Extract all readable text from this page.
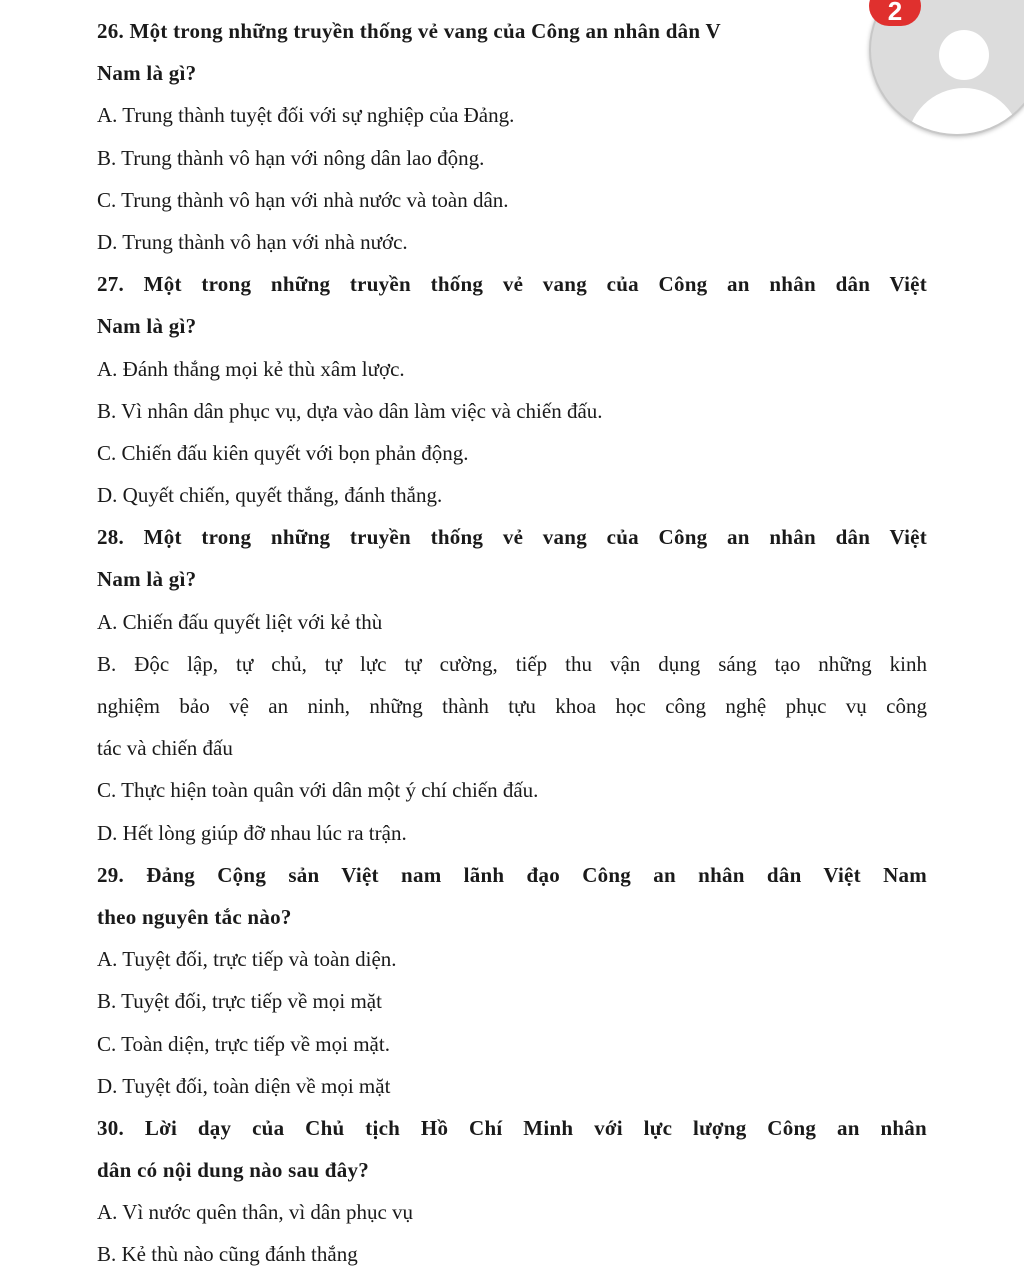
26. Một trong những truyền thống vẻ vang của Công an nhân dân V
Nam là gì?
A. Trung thành tuyệt đối với sự nghiệp của Đảng.
B. Trung thành vô hạn với nông dân lao động.
C. Trung thành vô hạn với nhà nước và toàn dân.
D. Trung thành vô hạn với nhà nước.
27. Một trong những truyền thống vẻ vang của Công an nhân dân Việt
Nam là gì?
A. Đánh thắng mọi kẻ thù xâm lược.
B. Vì nhân dân phục vụ, dựa vào dân làm việc và chiến đấu.
C. Chiến đấu kiên quyết với bọn phản động.
D. Quyết chiến, quyết thắng, đánh thắng.
28. Một trong những truyền thống vẻ vang của Công an nhân dân Việt
Nam là gì?
A. Chiến đấu quyết liệt với kẻ thù
B. Độc lập, tự chủ, tự lực tự cường, tiếp thu vận dụng sáng tạo những kinh
nghiệm bảo vệ an ninh, những thành tựu khoa học công nghệ phục vụ công
tác và chiến đấu
C. Thực hiện toàn quân với dân một ý chí chiến đấu.
D. Hết lòng giúp đỡ nhau lúc ra trận.
29. Đảng Cộng sản Việt nam lãnh đạo Công an nhân dân Việt Nam
theo nguyên tắc nào?
A. Tuyệt đối, trực tiếp và toàn diện.
B. Tuyệt đối, trực tiếp về mọi mặt
C. Toàn diện, trực tiếp về mọi mặt.
D. Tuyệt đối, toàn diện về mọi mặt
30. Lời dạy của Chủ tịch Hồ Chí Minh với lực lượng Công an nhân
dân có nội dung nào sau đây?
A. Vì nước quên thân, vì dân phục vụ
B. Kẻ thù nào cũng đánh thắng
2
